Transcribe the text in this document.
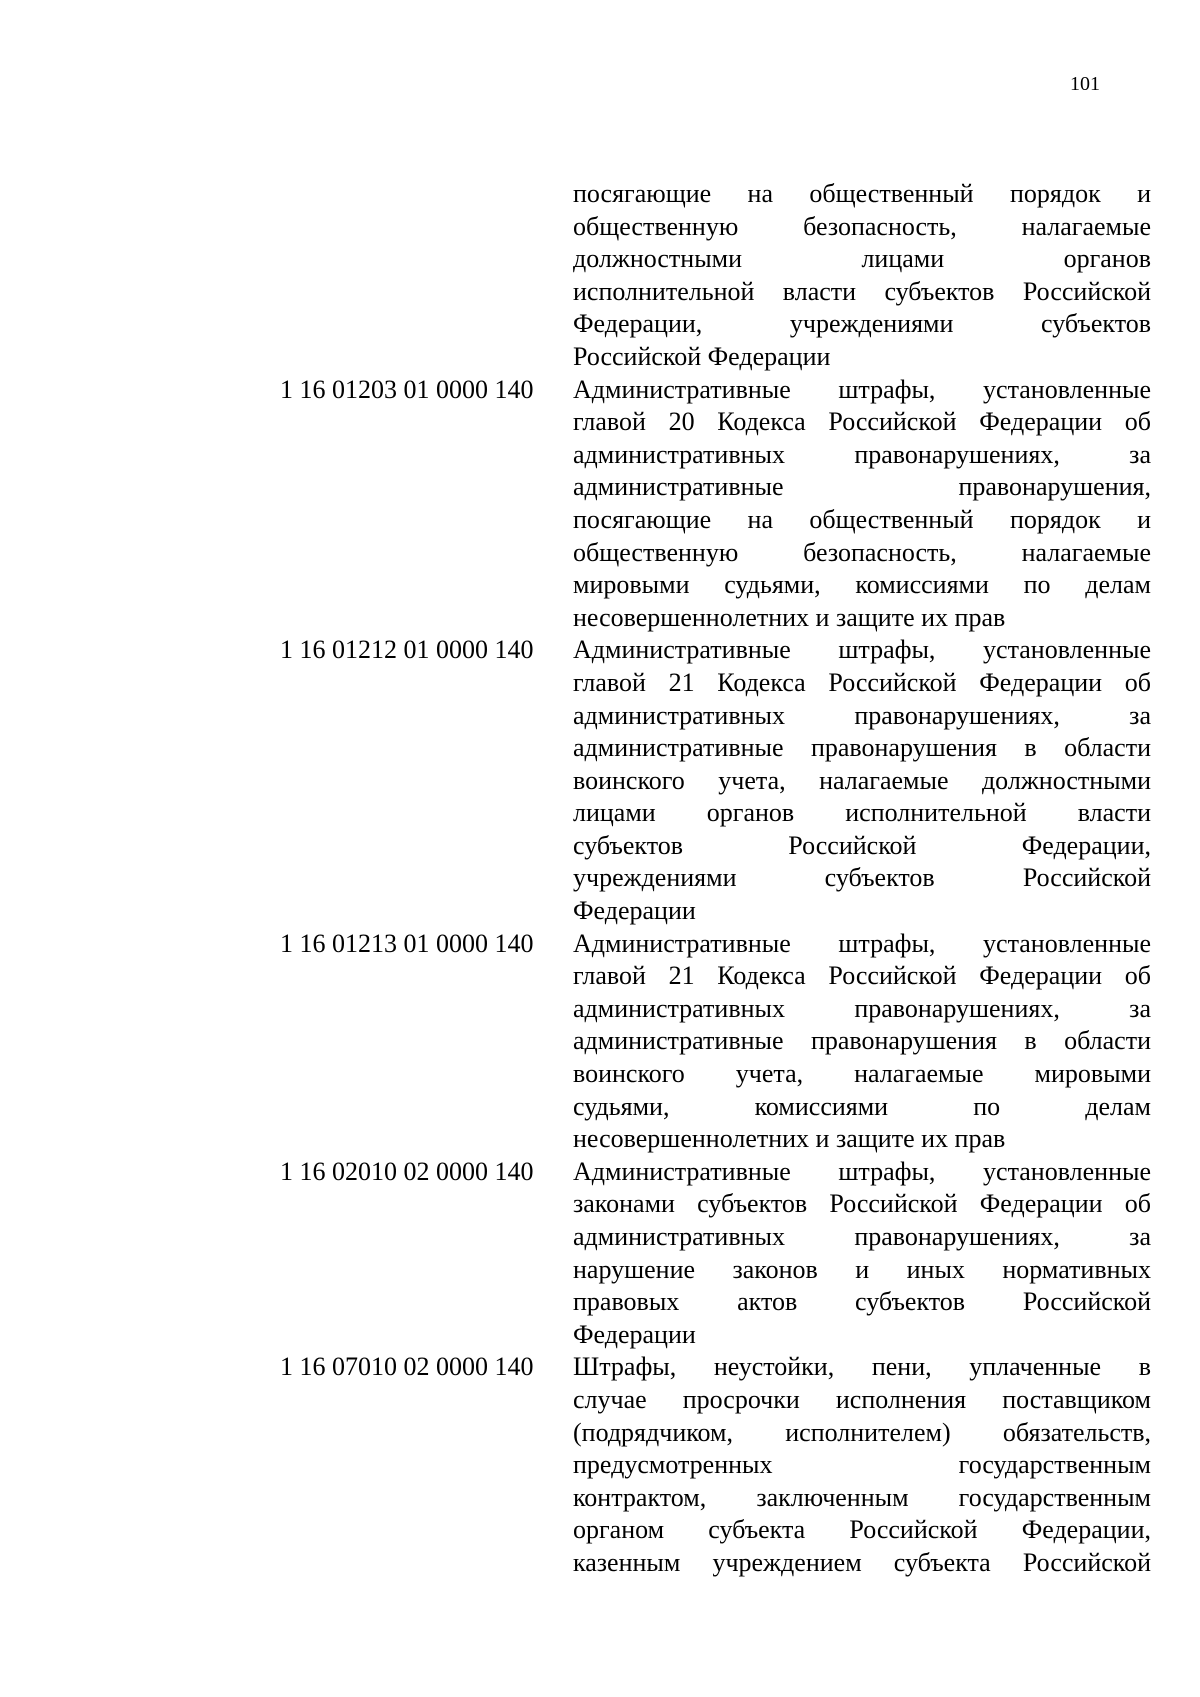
101
посягающие на общественный порядок и
общественную безопасность, налагаемые
должностными лицами органов
исполнительной власти субъектов Российской
Федерации, учреждениями субъектов
Российской Федерации
1 16 01203 01 0000 140	Административные штрафы, установленные
главой 20 Кодекса Российской Федерации об
административных правонарушениях, за
административные правонарушения,
посягающие на общественный порядок и
общественную безопасность, налагаемые
мировыми судьями, комиссиями по делам
несовершеннолетних и защите их прав
1 16 01212 01 0000 140	Административные штрафы, установленные
главой 21 Кодекса Российской Федерации об
административных правонарушениях, за
административные правонарушения в области
воинского учета, налагаемые должностными
лицами органов исполнительной власти
субъектов Российской Федерации,
учреждениями субъектов Российской
Федерации
1 16 01213 01 0000 140	Административные штрафы, установленные
главой 21 Кодекса Российской Федерации об
административных правонарушениях, за
административные правонарушения в области
воинского учета, налагаемые мировыми
судьями, комиссиями по делам
несовершеннолетних и защите их прав
1 16 02010 02 0000 140	Административные штрафы, установленные
законами субъектов Российской Федерации об
административных правонарушениях, за
нарушение законов и иных нормативных
правовых актов субъектов Российской
Федерации
1 16 07010 02 0000 140	Штрафы, неустойки, пени, уплаченные в
случае просрочки исполнения поставщиком
(подрядчиком, исполнителем) обязательств,
предусмотренных государственным
контрактом, заключенным государственным
органом субъекта Российской Федерации,
казенным учреждением субъекта Российской
